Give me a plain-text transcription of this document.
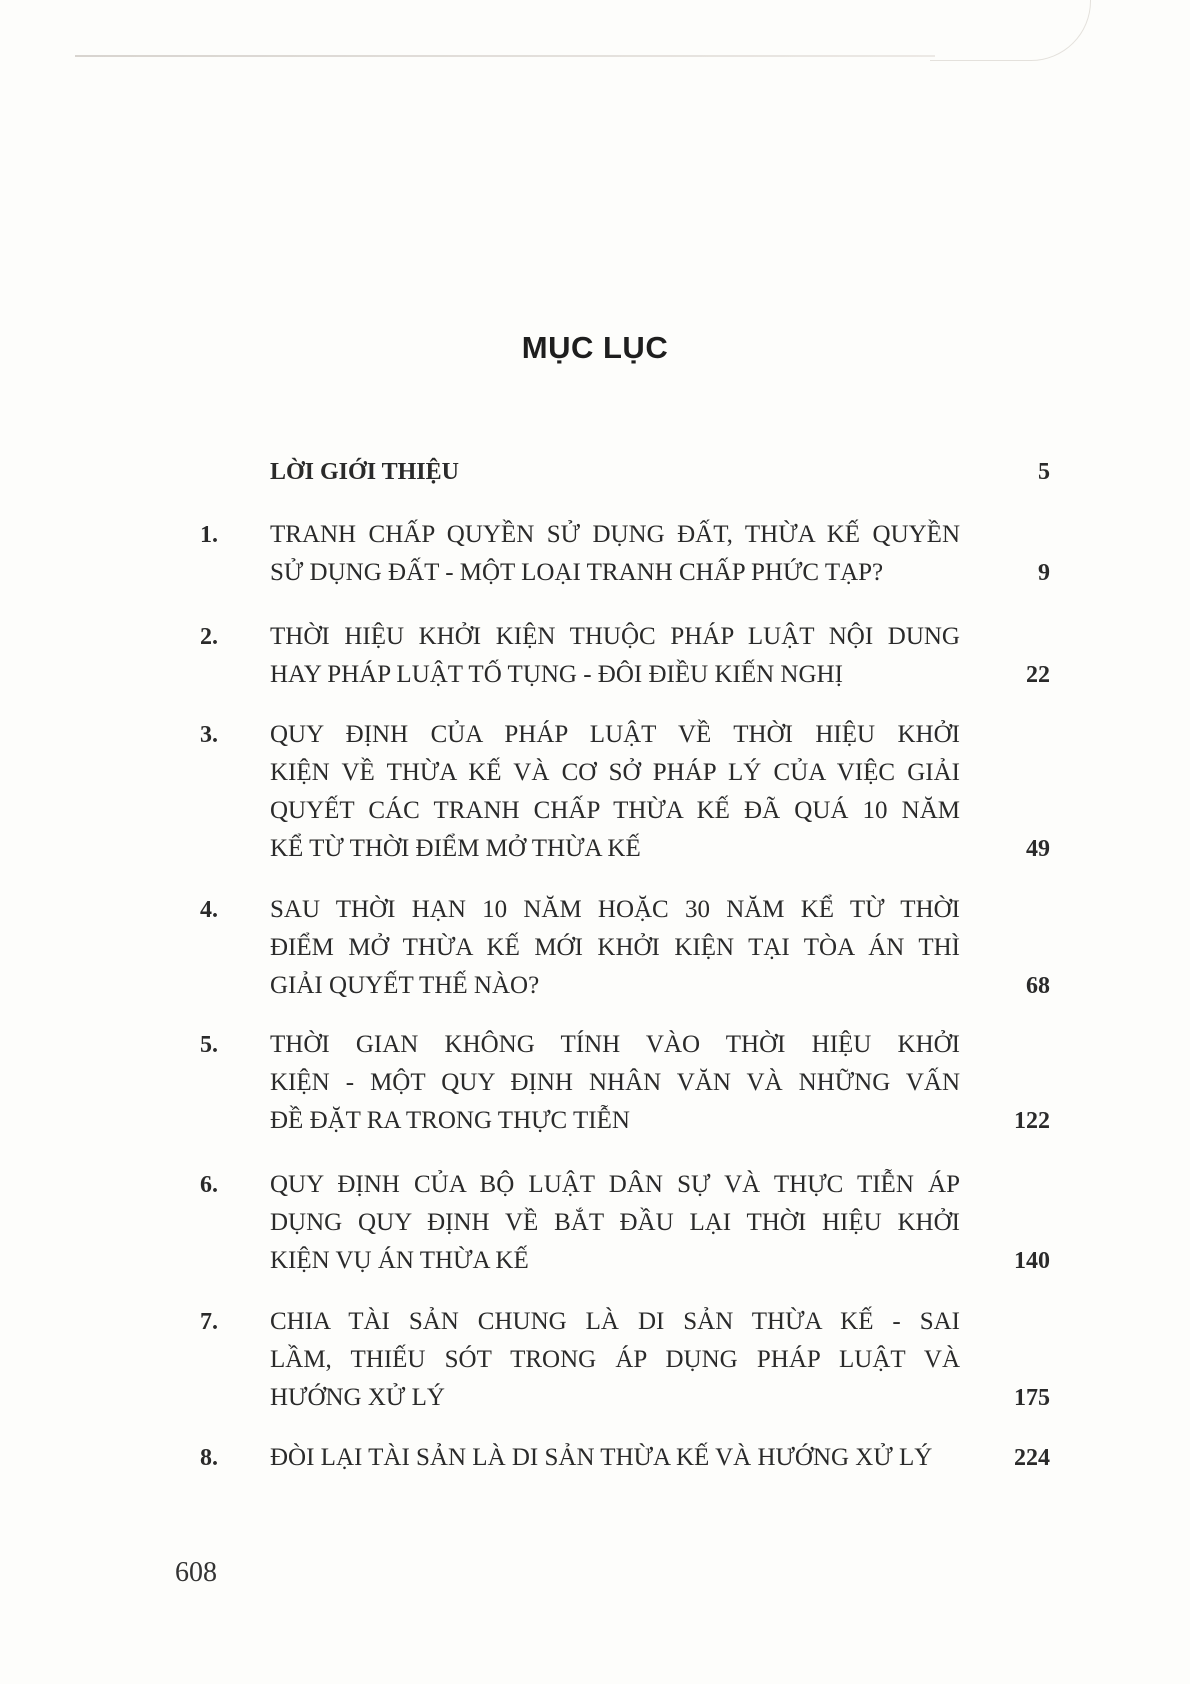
MỤC LỤC
LỜI GIỚI THIỆU	5
1. TRANH CHẤP QUYỀN SỬ DỤNG ĐẤT, THỪA KẾ QUYỀN
SỬ DỤNG ĐẤT - MỘT LOẠI TRANH CHẤP PHỨC TẠP?	9
2. THỜI HIỆU KHỞI KIỆN THUỘC PHÁP LUẬT NỘI DUNG
HAY PHÁP LUẬT TỐ TỤNG - ĐÔI ĐIỀU KIẾN NGHỊ	22
3. QUY ĐỊNH CỦA PHÁP LUẬT VỀ THỜI HIỆU KHỞI
KIỆN VỀ THỪA KẾ VÀ CƠ SỞ PHÁP LÝ CỦA VIỆC GIẢI
QUYẾT CÁC TRANH CHẤP THỪA KẾ ĐÃ QUÁ 10 NĂM
KỂ TỪ THỜI ĐIỂM MỞ THỪA KẾ	49
4. SAU THỜI HẠN 10 NĂM HOẶC 30 NĂM KỂ TỪ THỜI
ĐIỂM MỞ THỪA KẾ MỚI KHỞI KIỆN TẠI TÒA ÁN THÌ
GIẢI QUYẾT THẾ NÀO?	68
5. THỜI GIAN KHÔNG TÍNH VÀO THỜI HIỆU KHỞI
KIỆN - MỘT QUY ĐỊNH NHÂN VĂN VÀ NHỮNG VẤN
ĐỀ ĐẶT RA TRONG THỰC TIỄN	122
6. QUY ĐỊNH CỦA BỘ LUẬT DÂN SỰ VÀ THỰC TIỄN ÁP
DỤNG QUY ĐỊNH VỀ BẮT ĐẦU LẠI THỜI HIỆU KHỞI
KIỆN VỤ ÁN THỪA KẾ	140
7. CHIA TÀI SẢN CHUNG LÀ DI SẢN THỪA KẾ - SAI
LẦM, THIẾU SÓT TRONG ÁP DỤNG PHÁP LUẬT VÀ
HƯỚNG XỬ LÝ	175
8. ĐÒI LẠI TÀI SẢN LÀ DI SẢN THỪA KẾ VÀ HƯỚNG XỬ LÝ	224
608
